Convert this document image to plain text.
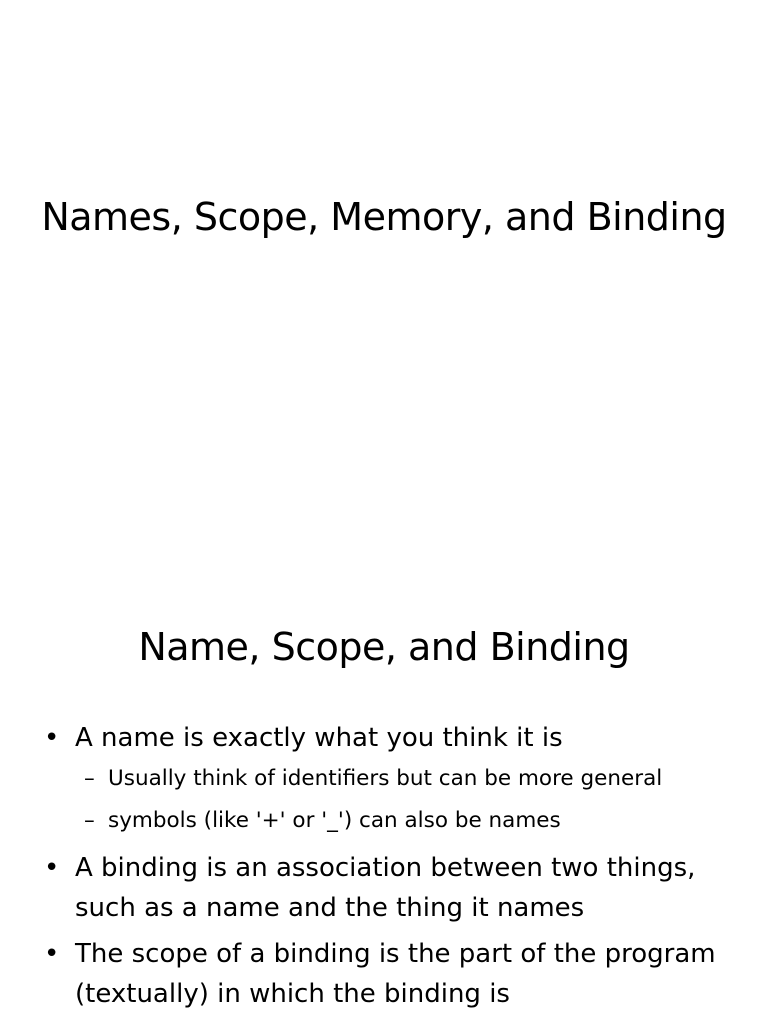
Names, Scope, Memory, and Binding
Name, Scope, and Binding

• A name is exactly what you think it is

– Usually think of identifiers but can be more general

– symbols (like '+' or '_') can also be names

• A binding is an association between two things, such as a name and the thing it names

• The scope of a binding is the part of the program (textually) in which the binding is
